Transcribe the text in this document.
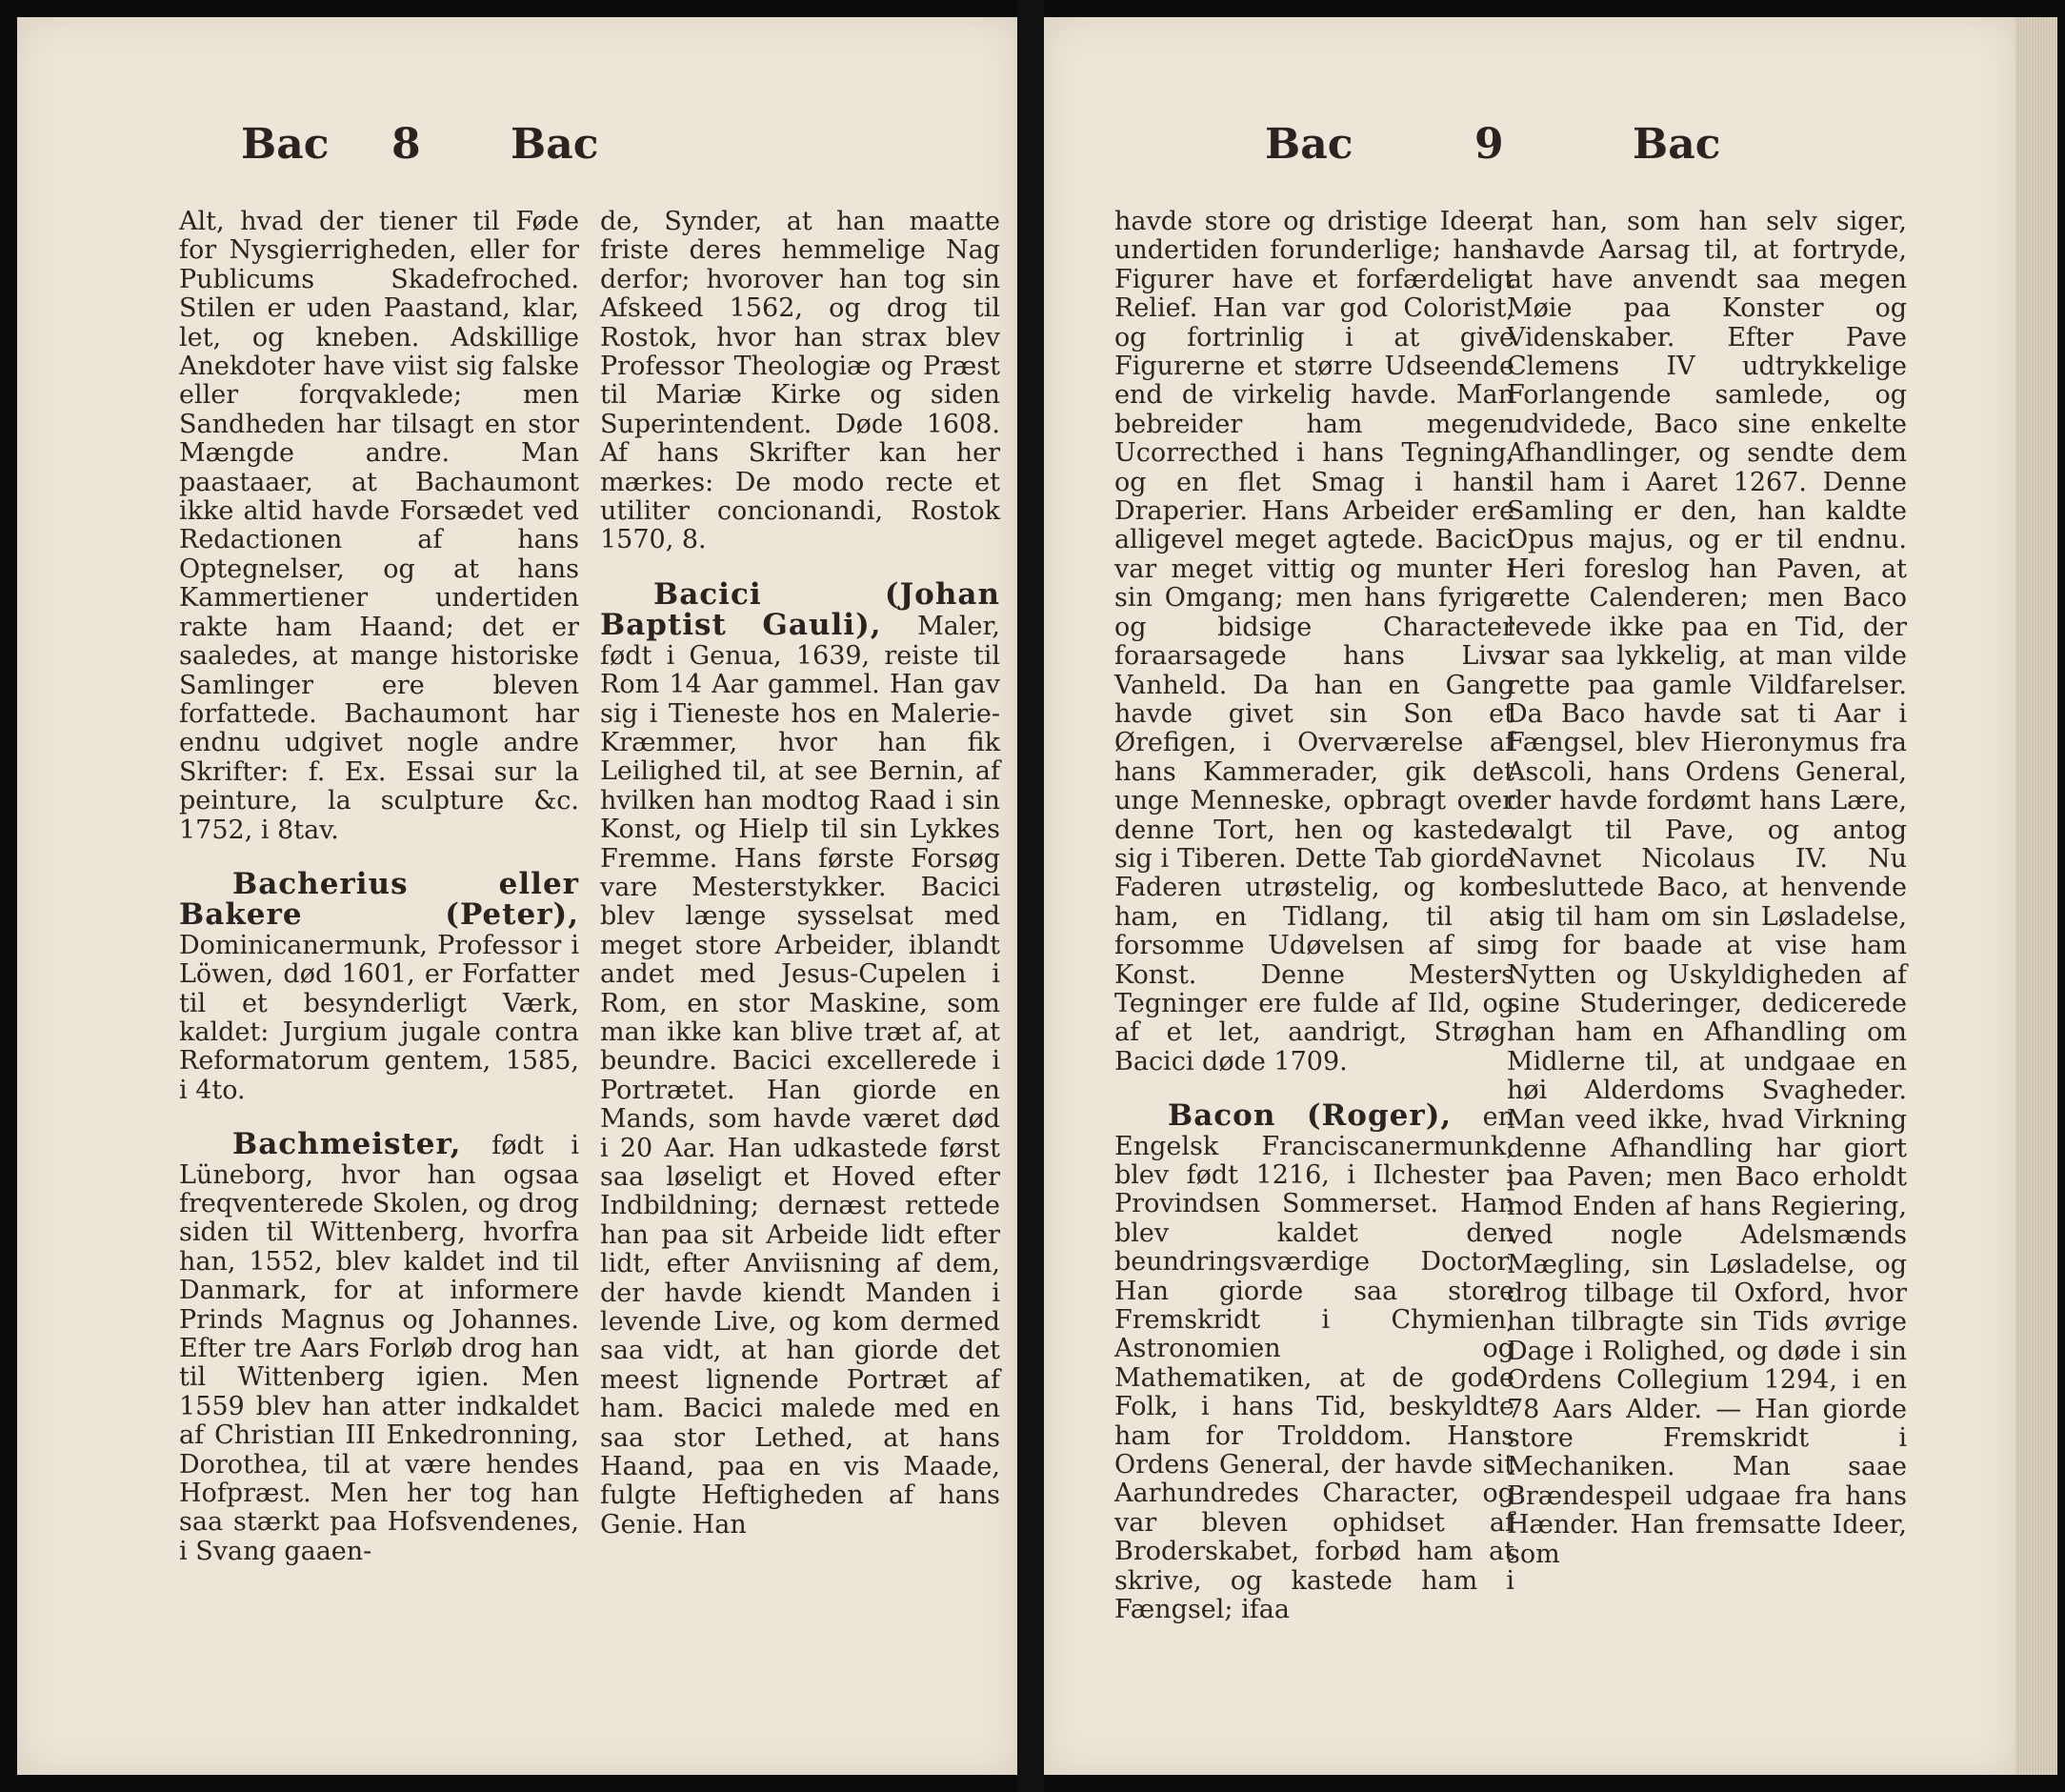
Bac 8 Bac

Alt, hvad der tiener til Føde for Nysgierrigheden, eller for Publicums Skadefroched. Stilen er uden Paastand, klar, let, og kneben. Adskillige Anekdoter have viist sig falske eller forqvaklede; men Sandheden har tilsagt en stor Mængde andre. Man paastaaer, at Bachaumont ikke altid havde Forsædet ved Redactionen af hans Optegnelser, og at hans Kammertiener undertiden rakte ham Haand; det er saaledes, at mange historiske Samlinger ere bleven forfattede. Bachaumont har endnu udgivet nogle andre Skrifter: f. Ex. Essai sur la peinture, la sculpture &c. 1752, i 8tav.

Bacherius eller Bakere (Peter), Dominicanermunk, Professor i Löwen, død 1601, er Forfatter til et besynderligt Værk, kaldet: Jurgium jugale contra Reformatorum gentem, 1585, i 4to.

Bachmeister, født i Lüneborg, hvor han ogsaa freqventerede Skolen, og drog siden til Wittenberg, hvorfra han, 1552, blev kaldet ind til Danmark, for at informere Prinds Magnus og Johannes. Efter tre Aars Forløb drog han til Wittenberg igien. Men 1559 blev han atter indkaldet af Christian III Enkedronning, Dorothea, til at være hendes Hofpræst. Men her tog han saa stærkt paa Hofsvendenes, i Svang gaaen-

de, Synder, at han maatte friste deres hemmelige Nag derfor; hvorover han tog sin Afskeed 1562, og drog til Rostok, hvor han strax blev Professor Theologiæ og Præst til Mariæ Kirke og siden Superintendent. Døde 1608. Af hans Skrifter kan her mærkes: De modo recte et utiliter concionandi, Rostok 1570, 8.

Bacici (Johan Baptist Gauli), Maler, født i Genua, 1639, reiste til Rom 14 Aar gammel. Han gav sig i Tieneste hos en Malerie-Kræmmer, hvor han fik Leilighed til, at see Bernin, af hvilken han modtog Raad i sin Konst, og Hielp til sin Lykkes Fremme. Hans første Forsøg vare Mesterstykker. Bacici blev længe sysselsat med meget store Arbeider, iblandt andet med Jesus-Cupelen i Rom, en stor Maskine, som man ikke kan blive træt af, at beundre. Bacici excellerede i Portrætet. Han giorde en Mands, som havde været død i 20 Aar. Han udkastede først saa løseligt et Hoved efter Indbildning; dernæst rettede han paa sit Arbeide lidt efter lidt, efter Anviisning af dem, der havde kiendt Manden i levende Live, og kom dermed saa vidt, at han giorde det meest lignende Portræt af ham. Bacici malede med en saa stor Lethed, at hans Haand, paa en vis Maade, fulgte Heftigheden af hans Genie. Han

Bac	9	Bac

havde store og dristige Ideer, undertiden forunderlige; hans Figurer have et forfærdeligt Relief. Han var god Colorist, og fortrinlig i at give Figurerne et større Udseende end de virkelig havde. Man bebreider ham megen Ucorrecthed i hans Tegning, og en flet Smag i hans Draperier. Hans Arbeider ere alligevel meget agtede. Bacici var meget vittig og munter i sin Omgang; men hans fyrige og bidsige Character foraarsagede hans Livs Vanheld. Da han en Gang havde givet sin Son et Ørefigen, i Overværelse af hans Kammerader, gik det unge Menneske, opbragt over denne Tort, hen og kastede sig i Tiberen. Dette Tab giorde Faderen utrøstelig, og kom ham, en Tidlang, til at forsomme Udøvelsen af sin Konst. Denne Mesters Tegninger ere fulde af Ild, og af et let, aandrigt, Strøg. Bacici døde 1709.

Bacon (Roger), en Engelsk Franciscanermunk, blev født 1216, i Ilchester i Provindsen Sommerset. Han blev kaldet den beundringsværdige Doctor. Han giorde saa store Fremskridt i Chymien, Astronomien og Mathematiken, at de gode Folk, i hans Tid, beskyldte ham for Trolddom. Hans Ordens General, der havde sit Aarhundredes Character, og var bleven ophidset af Broderskabet, forbød ham at skrive, og kastede ham i Fængsel; ifaa

at han, som han selv siger, havde Aarsag til, at fortryde, at have anvendt saa megen Møie paa Konster og Videnskaber. Efter Pave Clemens IV udtrykkelige Forlangende samlede, og udvidede, Baco sine enkelte Afhandlinger, og sendte dem til ham i Aaret 1267. Denne Samling er den, han kaldte Opus majus, og er til endnu. Heri foreslog han Paven, at rette Calenderen; men Baco levede ikke paa en Tid, der var saa lykkelig, at man vilde rette paa gamle Vildfarelser. Da Baco havde sat ti Aar i Fængsel, blev Hieronymus fra Ascoli, hans Ordens General, der havde fordømt hans Lære, valgt til Pave, og antog Navnet Nicolaus IV. Nu besluttede Baco, at henvende sig til ham om sin Løsladelse, og for baade at vise ham Nytten og Uskyldigheden af sine Studeringer, dedicerede han ham en Afhandling om Midlerne til, at undgaae en høi Alderdoms Svagheder. Man veed ikke, hvad Virkning denne Afhandling har giort paa Paven; men Baco erholdt mod Enden af hans Regiering, ved nogle Adelsmænds Mægling, sin Løsladelse, og drog tilbage til Oxford, hvor han tilbragte sin Tids øvrige Dage i Rolighed, og døde i sin Ordens Collegium 1294, i en 78 Aars Alder. — Han giorde store Fremskridt i Mechaniken. Man saae Brændespeil udgaae fra hans Hænder. Han fremsatte Ideer, som
